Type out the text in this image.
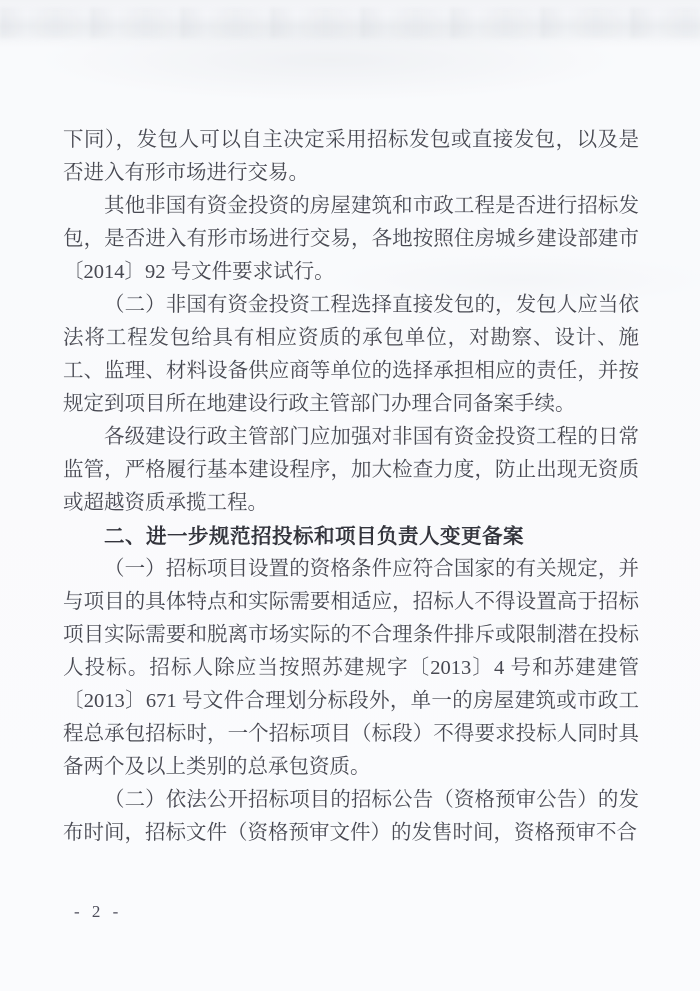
下同），发包人可以自主决定采用招标发包或直接发包，以及是否进入有形市场进行交易。

其他非国有资金投资的房屋建筑和市政工程是否进行招标发包，是否进入有形市场进行交易，各地按照住房城乡建设部建市〔2014〕92 号文件要求试行。

（二）非国有资金投资工程选择直接发包的，发包人应当依法将工程发包给具有相应资质的承包单位，对勘察、设计、施工、监理、材料设备供应商等单位的选择承担相应的责任，并按规定到项目所在地建设行政主管部门办理合同备案手续。

各级建设行政主管部门应加强对非国有资金投资工程的日常监管，严格履行基本建设程序，加大检查力度，防止出现无资质或超越资质承揽工程。

二、进一步规范招投标和项目负责人变更备案

（一）招标项目设置的资格条件应符合国家的有关规定，并与项目的具体特点和实际需要相适应，招标人不得设置高于招标项目实际需要和脱离市场实际的不合理条件排斥或限制潜在投标人投标。招标人除应当按照苏建规字〔2013〕4 号和苏建建管〔2013〕671 号文件合理划分标段外，单一的房屋建筑或市政工程总承包招标时，一个招标项目（标段）不得要求投标人同时具备两个及以上类别的总承包资质。

（二）依法公开招标项目的招标公告（资格预审公告）的发布时间，招标文件（资格预审文件）的发售时间，资格预审不合

- 2 -
